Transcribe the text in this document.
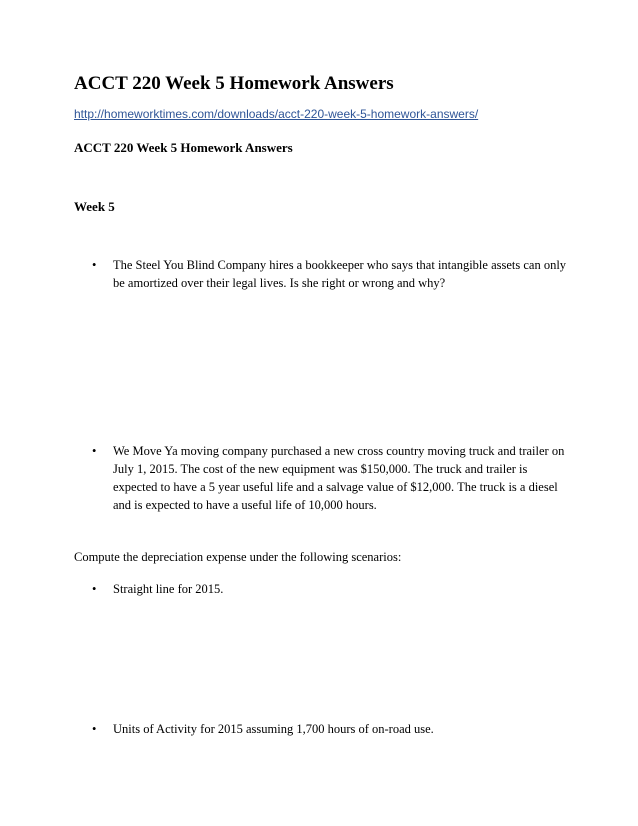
ACCT 220 Week 5 Homework Answers
http://homeworktimes.com/downloads/acct-220-week-5-homework-answers/
ACCT 220 Week 5 Homework Answers
Week 5
•	The Steel You Blind Company hires a bookkeeper who says that intangible assets can only be amortized over their legal lives. Is she right or wrong and why?
•	We Move Ya moving company purchased a new cross country moving truck and trailer on July 1, 2015. The cost of the new equipment was $150,000. The truck and trailer is expected to have a 5 year useful life and a salvage value of $12,000. The truck is a diesel and is expected to have a useful life of 10,000 hours.
Compute the depreciation expense under the following scenarios:
•	Straight line for 2015.
•	Units of Activity for 2015 assuming 1,700 hours of on-road use.
